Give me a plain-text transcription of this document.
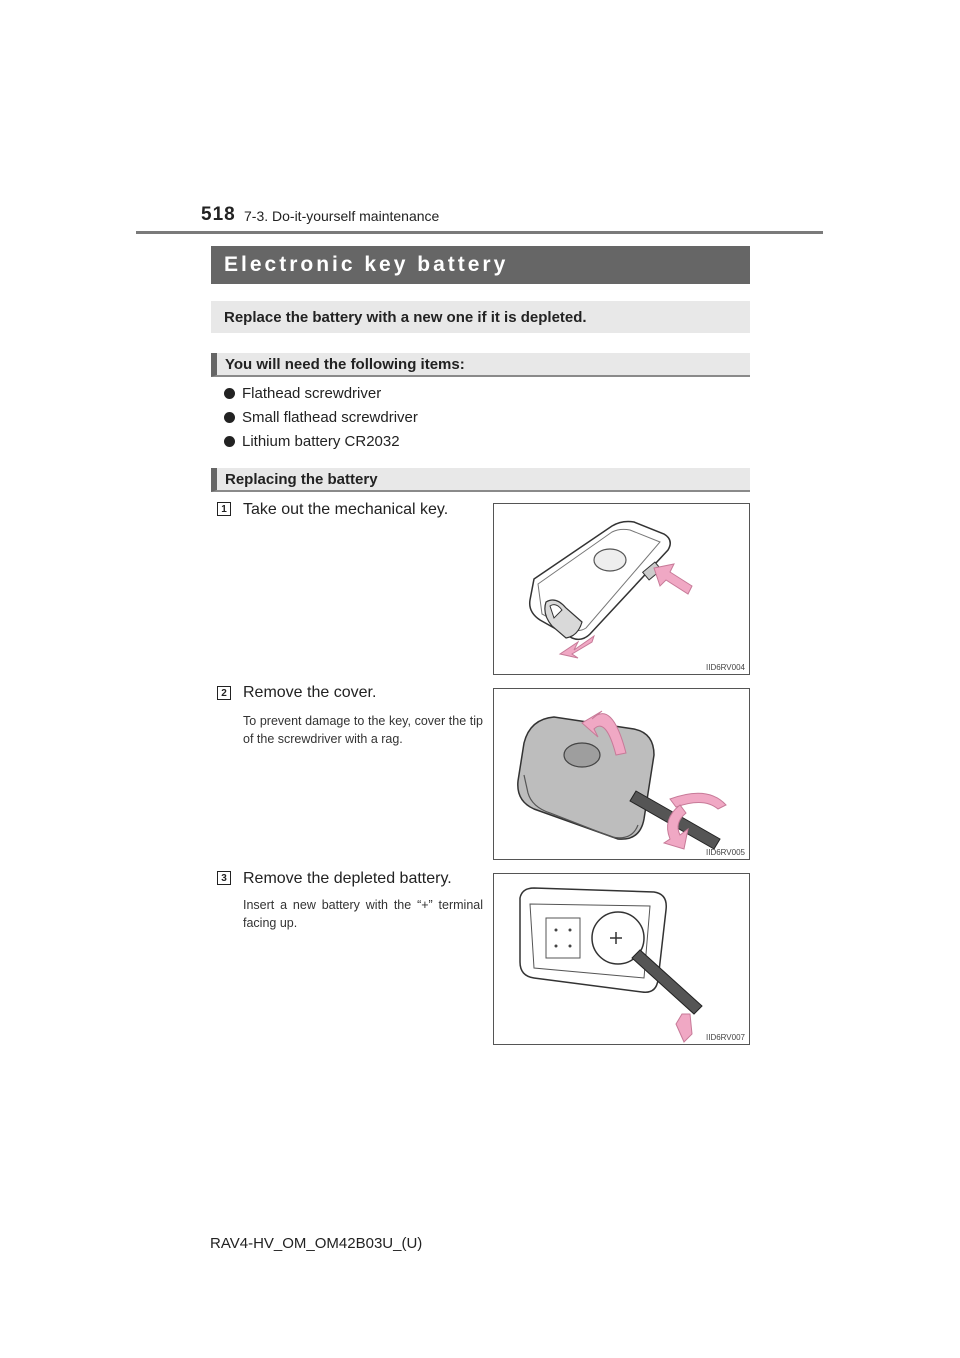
518 7-3. Do-it-yourself maintenance
Electronic key battery
Replace the battery with a new one if it is depleted.
You will need the following items:
Flathead screwdriver
Small flathead screwdriver
Lithium battery CR2032
Replacing the battery
1 Take out the mechanical key.
IID6RV004
2 Remove the cover.
To prevent damage to the key, cover the tip of the screwdriver with a rag.
IID6RV005
3 Remove the depleted battery.
Insert a new battery with the “+” terminal facing up.
IID6RV007
RAV4-HV_OM_OM42B03U_(U)
